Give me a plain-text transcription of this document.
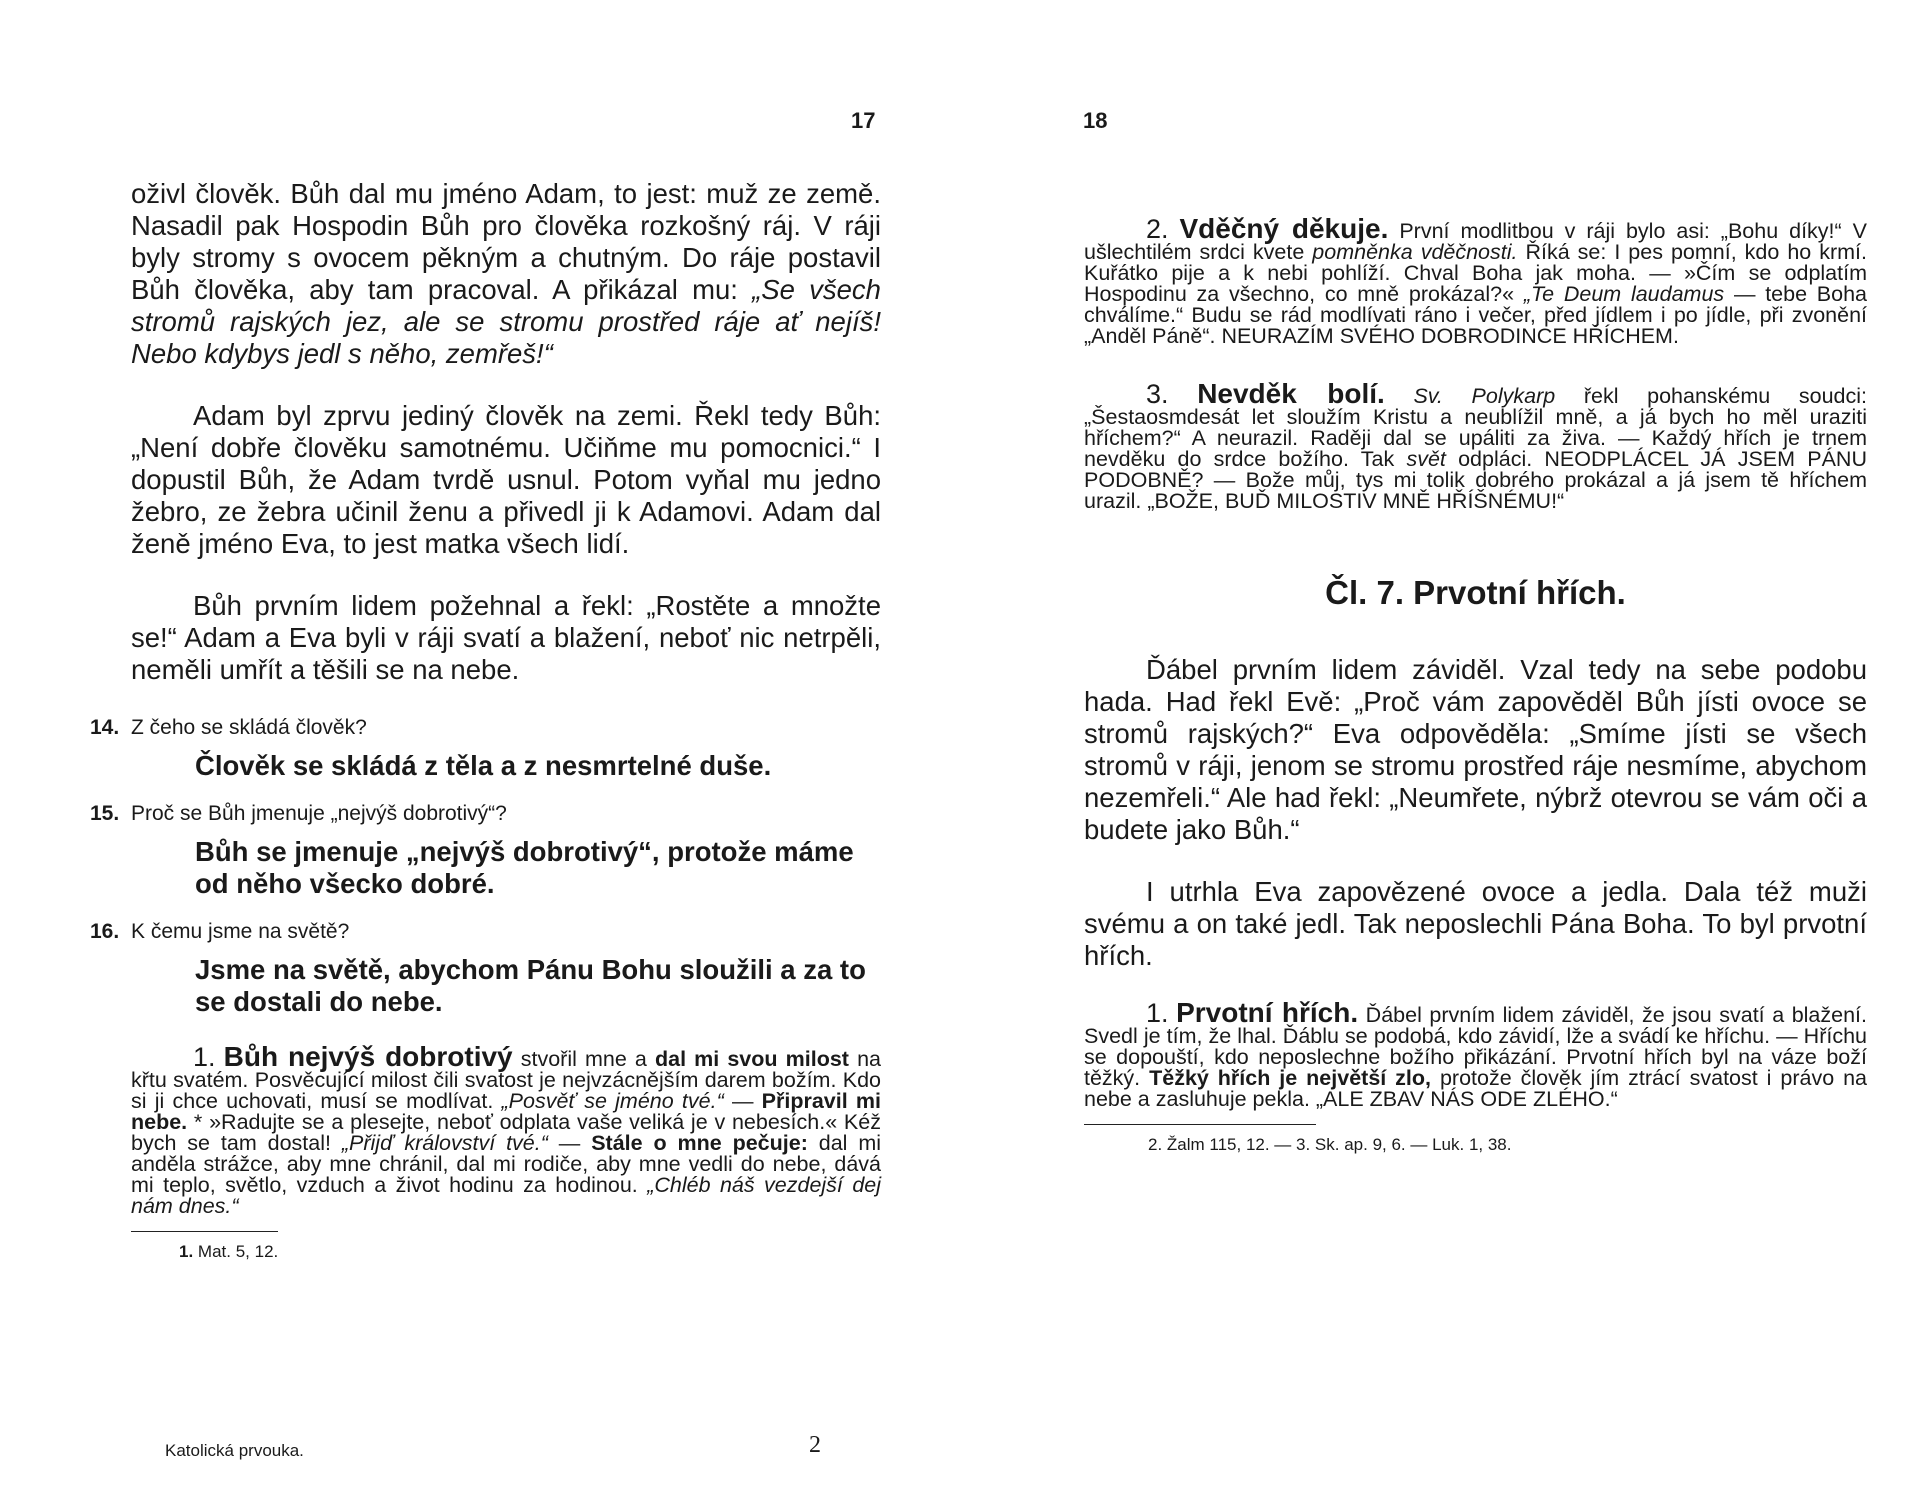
17

oživl člověk. Bůh dal mu jméno Adam, to jest: muž ze země. Nasadil pak Hospodin Bůh pro člověka rozkošný ráj. V ráji byly stromy s ovocem pěkným a chutným. Do ráje postavil Bůh člověka, aby tam pracoval. A přikázal mu: „Se všech stromů rajských jez, ale se stromu prostřed ráje ať nejíš! Nebo kdybys jedl s něho, zemřeš!“

Adam byl zprvu jediný člověk na zemi. Řekl tedy Bůh: „Není dobře člověku samotnému. Učiňme mu pomocnici.“ I dopustil Bůh, že Adam tvrdě usnul. Potom vyňal mu jedno žebro, ze žebra učinil ženu a přivedl ji k Adamovi. Adam dal ženě jméno Eva, to jest matka všech lidí.

Bůh prvním lidem požehnal a řekl: „Rostěte a množte se!“ Adam a Eva byli v ráji svatí a blažení, neboť nic netrpěli, neměli umřít a těšili se na nebe.

14. Z čeho se skládá člověk?
Člověk se skládá z těla a z nesmrtelné duše.
15. Proč se Bůh jmenuje „nejvýš dobrotivý“?
Bůh se jmenuje „nejvýš dobrotivý“, protože máme od něho všecko dobré.
16. K čemu jsme na světě?
Jsme na světě, abychom Pánu Bohu sloužili a za to se dostali do nebe.

1. Bůh nejvýš dobrotivý stvořil mne a dal mi svou milost na křtu svatém. Posvěcující milost čili svatost je nejvzácnějším darem božím. Kdo si ji chce uchovati, musí se modlívat. „Posvěť se jméno tvé.“ — Připravil mi nebe. * »Radujte se a plesejte, neboť odplata vaše veliká je v nebesích.« Kéž bych se tam dostal! „Přijď království tvé.“ — Stále o mne pečuje: dal mi anděla strážce, aby mne chránil, dal mi rodiče, aby mne vedli do nebe, dává mi teplo, světlo, vzduch a život hodinu za hodinou. „Chléb náš vezdejší dej nám dnes.“

1. Mat. 5, 12.
Katolická prvouka.	2
18

2. Vděčný děkuje. První modlitbou v ráji bylo asi: „Bohu díky!“ V ušlechtilém srdci kvete pomněnka vděčnosti. Říká se: I pes pomní, kdo ho krmí. Kuřátko pije a k nebi pohlíží. Chval Boha jak moha. — »Čím se odplatím Hospodinu za všechno, co mně prokázal?« „Te Deum laudamus — tebe Boha chválíme.“ Budu se rád modlívati ráno i večer, před jídlem i po jídle, při zvonění „Anděl Páně“. NEURAZÍM SVÉHO DOBRODINCE HŘÍCHEM.

3. Nevděk bolí. Sv. Polykarp řekl pohanskému soudci: „Šestaosmdesát let sloužím Kristu a neublížil mně, a já bych ho měl uraziti hříchem?“ A neurazil. Raději dal se upáliti za živa. — Každý hřích je trnem nevděku do srdce božího. Tak svět odpláci. NEODPLÁCEL JÁ JSEM PÁNU PODOBNĚ? — Bože můj, tys mi tolik dobrého prokázal a já jsem tě hříchem urazil. „BOŽE, BUĎ MILOSTIV MNĚ HŘÍŠNÉMU!“

Čl. 7. Prvotní hřích.

Ďábel prvním lidem záviděl. Vzal tedy na sebe podobu hada. Had řekl Evě: „Proč vám zapověděl Bůh jísti ovoce se stromů rajských?“ Eva odpověděla: „Smíme jísti se všech stromů v ráji, jenom se stromu prostřed ráje nesmíme, abychom nezemřeli.“ Ale had řekl: „Neumřete, nýbrž otevrou se vám oči a budete jako Bůh.“

I utrhla Eva zapovězené ovoce a jedla. Dala též muži svému a on také jedl. Tak neposlechli Pána Boha. To byl prvotní hřích.

1. Prvotní hřích. Ďábel prvním lidem záviděl, že jsou svatí a blažení. Svedl je tím, že lhal. Ďáblu se podobá, kdo závidí, lže a svádí ke hříchu. — Hříchu se dopouští, kdo neposlechne božího přikázání. Prvotní hřích byl na váze boží těžký. Těžký hřích je největší zlo, protože člověk jím ztrácí svatost i právo na nebe a zasluhuje pekla. „ALE ZBAV NÁS ODE ZLÉHO.“

2. Žalm 115, 12. — 3. Sk. ap. 9, 6. — Luk. 1, 38.
